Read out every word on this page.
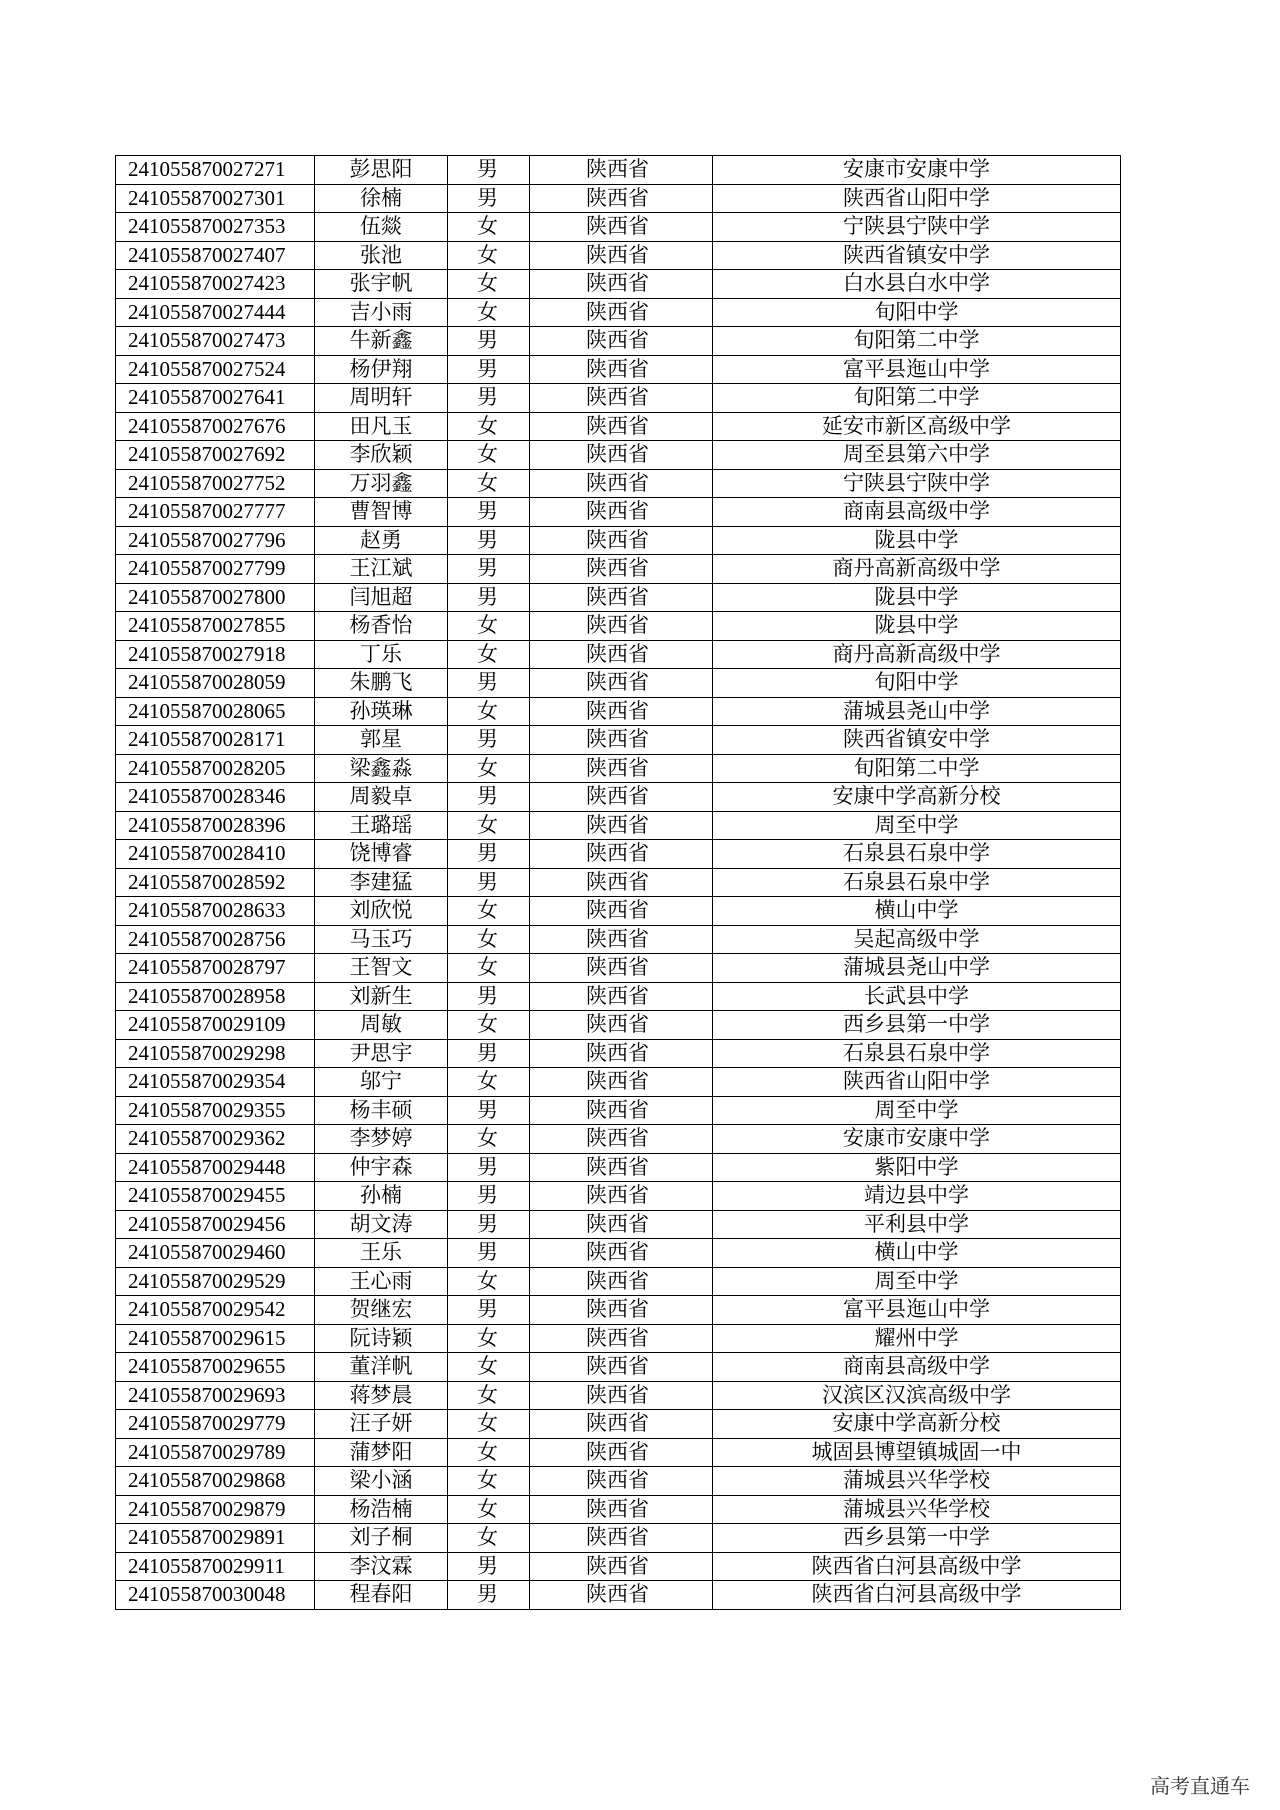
241055870027271	彭思阳	男	陕西省	安康市安康中学
241055870027301	徐楠	男	陕西省	陕西省山阳中学
241055870027353	伍燚	女	陕西省	宁陕县宁陕中学
241055870027407	张池	女	陕西省	陕西省镇安中学
241055870027423	张宇帆	女	陕西省	白水县白水中学
241055870027444	吉小雨	女	陕西省	旬阳中学
241055870027473	牛新鑫	男	陕西省	旬阳第二中学
241055870027524	杨伊翔	男	陕西省	富平县迤山中学
241055870027641	周明轩	男	陕西省	旬阳第二中学
241055870027676	田凡玉	女	陕西省	延安市新区高级中学
241055870027692	李欣颖	女	陕西省	周至县第六中学
241055870027752	万羽鑫	女	陕西省	宁陕县宁陕中学
241055870027777	曹智博	男	陕西省	商南县高级中学
241055870027796	赵勇	男	陕西省	陇县中学
241055870027799	王江斌	男	陕西省	商丹高新高级中学
241055870027800	闫旭超	男	陕西省	陇县中学
241055870027855	杨香怡	女	陕西省	陇县中学
241055870027918	丁乐	女	陕西省	商丹高新高级中学
241055870028059	朱鹏飞	男	陕西省	旬阳中学
241055870028065	孙瑛琳	女	陕西省	蒲城县尧山中学
241055870028171	郭星	男	陕西省	陕西省镇安中学
241055870028205	梁鑫淼	女	陕西省	旬阳第二中学
241055870028346	周毅卓	男	陕西省	安康中学高新分校
241055870028396	王璐瑶	女	陕西省	周至中学
241055870028410	饶博睿	男	陕西省	石泉县石泉中学
241055870028592	李建猛	男	陕西省	石泉县石泉中学
241055870028633	刘欣悦	女	陕西省	横山中学
241055870028756	马玉巧	女	陕西省	吴起高级中学
241055870028797	王智文	女	陕西省	蒲城县尧山中学
241055870028958	刘新生	男	陕西省	长武县中学
241055870029109	周敏	女	陕西省	西乡县第一中学
241055870029298	尹思宇	男	陕西省	石泉县石泉中学
241055870029354	邬宁	女	陕西省	陕西省山阳中学
241055870029355	杨丰硕	男	陕西省	周至中学
241055870029362	李梦婷	女	陕西省	安康市安康中学
241055870029448	仲宇森	男	陕西省	紫阳中学
241055870029455	孙楠	男	陕西省	靖边县中学
241055870029456	胡文涛	男	陕西省	平利县中学
241055870029460	王乐	男	陕西省	横山中学
241055870029529	王心雨	女	陕西省	周至中学
241055870029542	贺继宏	男	陕西省	富平县迤山中学
241055870029615	阮诗颖	女	陕西省	耀州中学
241055870029655	董洋帆	女	陕西省	商南县高级中学
241055870029693	蒋梦晨	女	陕西省	汉滨区汉滨高级中学
241055870029779	汪子妍	女	陕西省	安康中学高新分校
241055870029789	蒲梦阳	女	陕西省	城固县博望镇城固一中
241055870029868	梁小涵	女	陕西省	蒲城县兴华学校
241055870029879	杨浩楠	女	陕西省	蒲城县兴华学校
241055870029891	刘子桐	女	陕西省	西乡县第一中学
241055870029911	李汶霖	男	陕西省	陕西省白河县高级中学
241055870030048	程春阳	男	陕西省	陕西省白河县高级中学
高考直通车
